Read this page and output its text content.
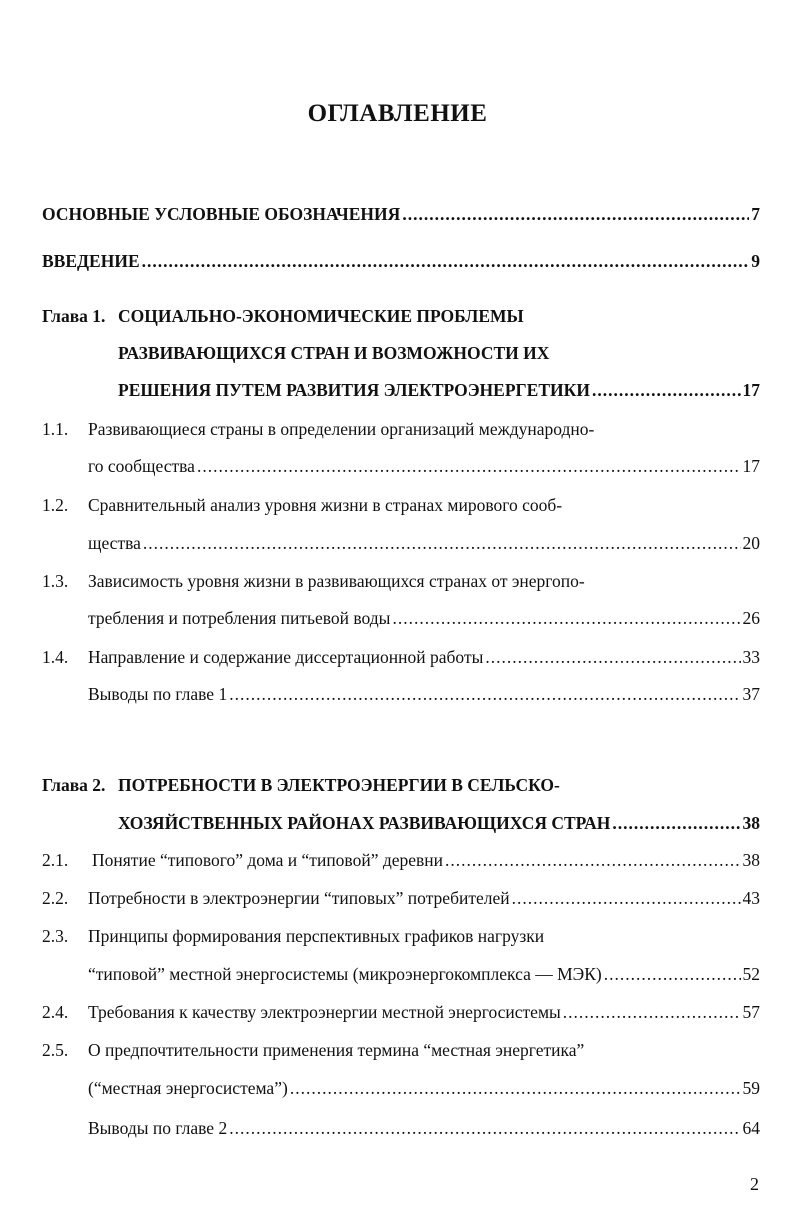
ОГЛАВЛЕНИЕ
ОСНОВНЫЕ УСЛОВНЫЕ ОБОЗНАЧЕНИЯ .....	7
ВВЕДЕНИЕ .....	9
Глава 1. СОЦИАЛЬНО-ЭКОНОМИЧЕСКИЕ ПРОБЛЕМЫ
РАЗВИВАЮЩИХСЯ СТРАН И ВОЗМОЖНОСТИ ИХ
РЕШЕНИЯ ПУТЕМ РАЗВИТИЯ ЭЛЕКТРОЭНЕРГЕТИКИ .....	17
1.1.	Развивающиеся страны в определении организаций международно-
го сообщества .....	17
1.2.	Сравнительный анализ уровня жизни в странах мирового сооб-
щества .....	20
1.3.	Зависимость уровня жизни в развивающихся странах от энергопо-
требления и потребления питьевой воды .....	26
1.4.	Направление и содержание диссертационной работы .....	33
Выводы по главе 1 .....	37
Глава 2. ПОТРЕБНОСТИ В ЭЛЕКТРОЭНЕРГИИ В СЕЛЬСКО-
ХОЗЯЙСТВЕННЫХ РАЙОНАХ РАЗВИВАЮЩИХСЯ СТРАН .....	38
2.1.	Понятие “типового” дома и “типовой” деревни .....	38
2.2.	Потребности в электроэнергии “типовых” потребителей .....	43
2.3.	Принципы формирования перспективных графиков нагрузки
“типовой” местной энергосистемы (микроэнергокомплекса — МЭК) .....	52
2.4.	Требования к качеству электроэнергии местной энергосистемы .....	57
2.5.	О предпочтительности применения термина “местная энергетика”
(“местная энергосистема”) .....	59
Выводы по главе 2 .....	64
2
